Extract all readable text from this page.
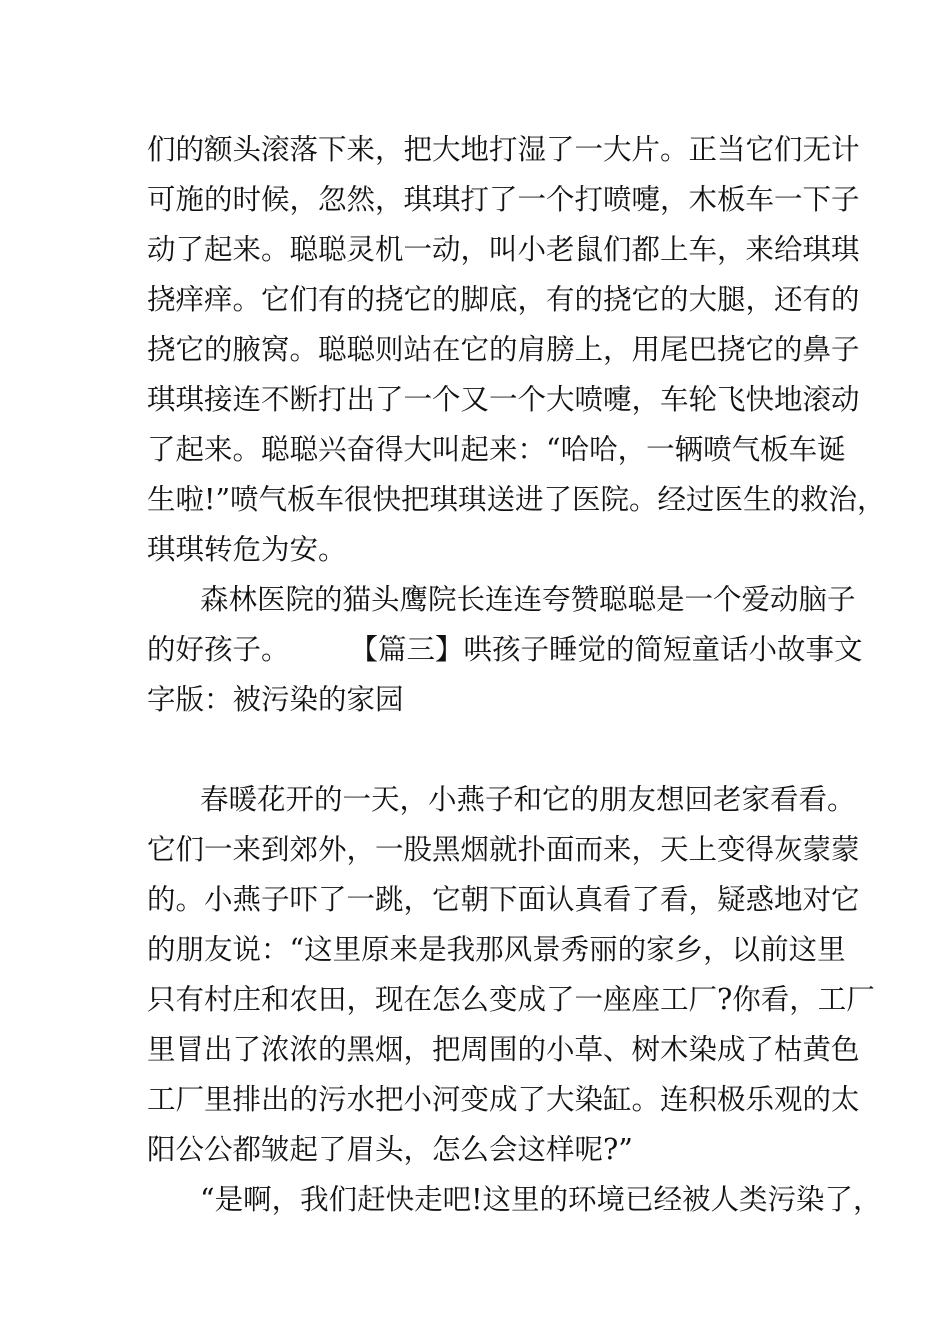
们的额头滚落下来，把大地打湿了一大片。正当它们无计

可施的时候，忽然，琪琪打了一个打喷嚏，木板车一下子

动了起来。聪聪灵机一动，叫小老鼠们都上车，来给琪琪

挠痒痒。它们有的挠它的脚底，有的挠它的大腿，还有的

挠它的腋窝。聪聪则站在它的肩膀上，用尾巴挠它的鼻子

琪琪接连不断打出了一个又一个大喷嚏，车轮飞快地滚动

了起来。聪聪兴奋得大叫起来：“哈哈，一辆喷气板车诞

生啦!”喷气板车很快把琪琪送进了医院。经过医生的救治，

琪琪转危为安。

森林医院的猫头鹰院长连连夸赞聪聪是一个爱动脑子

的好孩子。 【篇三】哄孩子睡觉的简短童话小故事文

字版：被污染的家园

春暖花开的一天，小燕子和它的朋友想回老家看看。

它们一来到郊外，一股黑烟就扑面而来，天上变得灰蒙蒙

的。小燕子吓了一跳，它朝下面认真看了看，疑惑地对它

的朋友说：“这里原来是我那风景秀丽的家乡，以前这里

只有村庄和农田，现在怎么变成了一座座工厂?你看，工厂

里冒出了浓浓的黑烟，把周围的小草、树木染成了枯黄色

工厂里排出的污水把小河变成了大染缸。连积极乐观的太

阳公公都皱起了眉头，怎么会这样呢?”

“是啊，我们赶快走吧!这里的环境已经被人类污染了，
